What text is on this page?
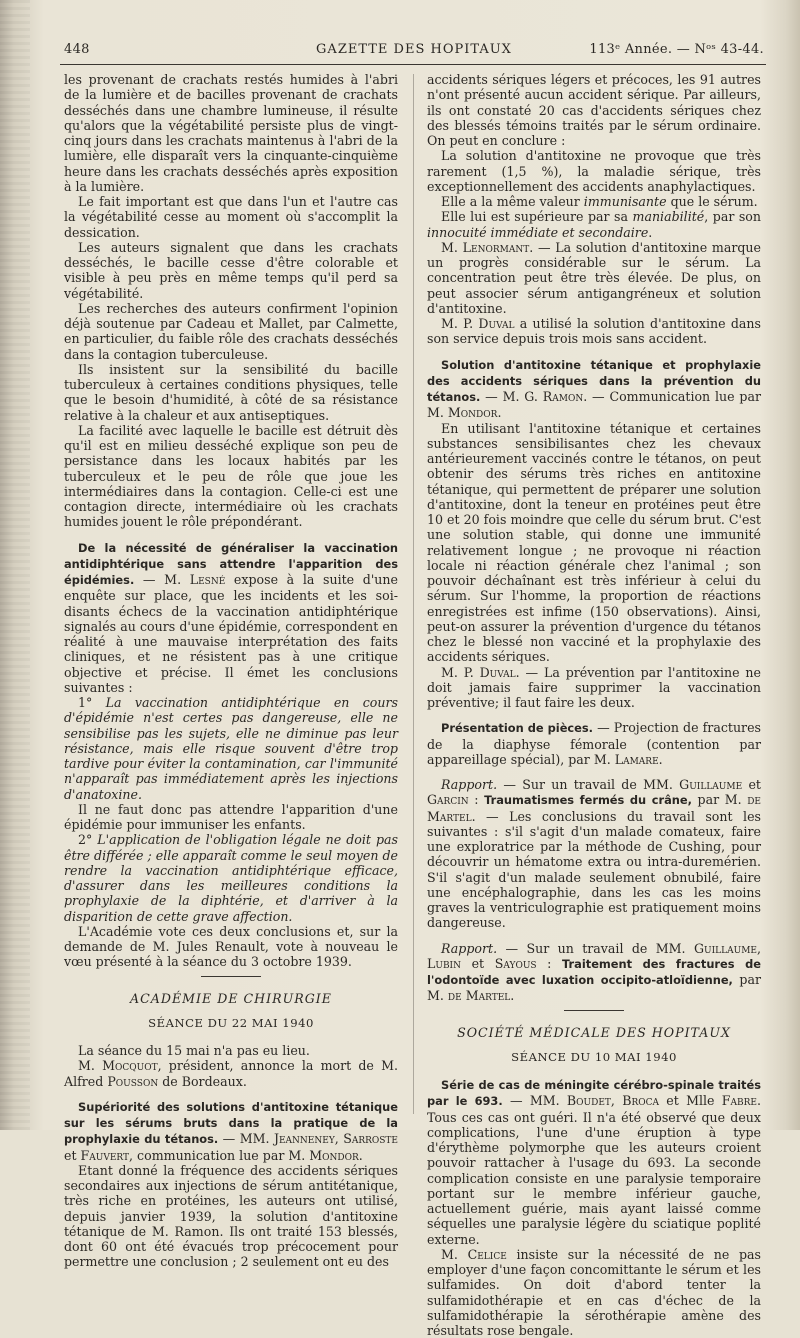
448	GAZETTE DES HOPITAUX	113ᵉ Année. — Nᵒˢ 43-44.

les provenant de crachats restés humides à l'abri de la lumière et de bacilles provenant de crachats desséchés dans une chambre lumineuse, il résulte qu'alors que la végétabilité persiste plus de vingt-cinq jours dans les crachats maintenus à l'abri de la lumière, elle disparaît vers la cinquante-cinquième heure dans les crachats desséchés après exposition à la lumière.

Le fait important est que dans l'un et l'autre cas la végétabilité cesse au moment où s'accomplit la dessication.

Les auteurs signalent que dans les crachats desséchés, le bacille cesse d'être colorable et visible à peu près en même temps qu'il perd sa végétabilité.

Les recherches des auteurs confirment l'opinion déjà soutenue par Cadeau et Mallet, par Calmette, en particulier, du faible rôle des crachats desséchés dans la contagion tuberculeuse.

Ils insistent sur la sensibilité du bacille tuberculeux à certaines conditions physiques, telle que le besoin d'humidité, à côté de sa résistance relative à la chaleur et aux antiseptiques.

La facilité avec laquelle le bacille est détruit dès qu'il est en milieu desséché explique son peu de persistance dans les locaux habités par les tuberculeux et le peu de rôle que joue les intermédiaires dans la contagion. Celle-ci est une contagion directe, intermédiaire où les crachats humides jouent le rôle prépondérant.

De la nécessité de généraliser la vaccination antidiphtérique sans attendre l'apparition des épidémies. — M. Lesné expose à la suite d'une enquête sur place, que les incidents et les soi-disants échecs de la vaccination antidiphtérique signalés au cours d'une épidémie, correspondent en réalité à une mauvaise interprétation des faits cliniques, et ne résistent pas à une critique objective et précise. Il émet les conclusions suivantes :

1° La vaccination antidiphtérique en cours d'épidémie n'est certes pas dangereuse, elle ne sensibilise pas les sujets, elle ne diminue pas leur résistance, mais elle risque souvent d'être trop tardive pour éviter la contamination, car l'immunité n'apparaît pas immédiatement après les injections d'anatoxine.

Il ne faut donc pas attendre l'apparition d'une épidémie pour immuniser les enfants.

2° L'application de l'obligation légale ne doit pas être différée ; elle apparaît comme le seul moyen de rendre la vaccination antidiphtérique efficace, d'assurer dans les meilleures conditions la prophylaxie de la diphtérie, et d'arriver à la disparition de cette grave affection.

L'Académie vote ces deux conclusions et, sur la demande de M. Jules Renault, vote à nouveau le vœu présenté à la séance du 3 octobre 1939.

ACADÉMIE DE CHIRURGIE

SÉANCE DU 22 MAI 1940

La séance du 15 mai n'a pas eu lieu.

M. Mocquot, président, annonce la mort de M. Alfred Pousson de Bordeaux.

Supériorité des solutions d'antitoxine tétanique sur les sérums bruts dans la pratique de la prophylaxie du tétanos. — MM. Jeanneney, Sarroste et Fauvert, communication lue par M. Mondor.

Etant donné la fréquence des accidents sériques secondaires aux injections de sérum antitétanique, très riche en protéines, les auteurs ont utilisé, depuis janvier 1939, la solution d'antitoxine tétanique de M. Ramon. Ils ont traité 153 blessés, dont 60 ont été évacués trop précocement pour permettre une conclusion ; 2 seulement ont eu des

accidents sériques légers et précoces, les 91 autres n'ont présenté aucun accident sérique. Par ailleurs, ils ont constaté 20 cas d'accidents sériques chez des blessés témoins traités par le sérum ordinaire. On peut en conclure :

La solution d'antitoxine ne provoque que très rarement (1,5 %), la maladie sérique, très exceptionnellement des accidents anaphylactiques.

Elle a la même valeur immunisante que le sérum.

Elle lui est supérieure par sa maniabilité, par son innocuité immédiate et secondaire.

M. Lenormant. — La solution d'antitoxine marque un progrès considérable sur le sérum. La concentration peut être très élevée. De plus, on peut associer sérum antigangréneux et solution d'antitoxine.

M. P. Duval a utilisé la solution d'antitoxine dans son service depuis trois mois sans accident.

Solution d'antitoxine tétanique et prophylaxie des accidents sériques dans la prévention du tétanos. — M. G. Ramon. — Communication lue par M. Mondor.

En utilisant l'antitoxine tétanique et certaines substances sensibilisantes chez les chevaux antérieurement vaccinés contre le tétanos, on peut obtenir des sérums très riches en antitoxine tétanique, qui permettent de préparer une solution d'antitoxine, dont la teneur en protéines peut être 10 et 20 fois moindre que celle du sérum brut. C'est une solution stable, qui donne une immunité relativement longue ; ne provoque ni réaction locale ni réaction générale chez l'animal ; son pouvoir déchaînant est très inférieur à celui du sérum. Sur l'homme, la proportion de réactions enregistrées est infime (150 observations). Ainsi, peut-on assurer la prévention d'urgence du tétanos chez le blessé non vacciné et la prophylaxie des accidents sériques.

M. P. Duval. — La prévention par l'antitoxine ne doit jamais faire supprimer la vaccination préventive; il faut faire les deux.

Présentation de pièces. — Projection de fractures de la diaphyse fémorale (contention par appareillage spécial), par M. Lamare.

Rapport. — Sur un travail de MM. Guillaume et Garcin : Traumatismes fermés du crâne, par M. de Martel. — Les conclusions du travail sont les suivantes : s'il s'agit d'un malade comateux, faire une exploratrice par la méthode de Cushing, pour découvrir un hématome extra ou intra-duremérien. S'il s'agit d'un malade seulement obnubilé, faire une encéphalographie, dans les cas les moins graves la ventriculographie est pratiquement moins dangereuse.

Rapport. — Sur un travail de MM. Guillaume, Lubin et Sayous : Traitement des fractures de l'odontoïde avec luxation occipito-atloïdienne, par M. de Martel.

SOCIÉTÉ MÉDICALE DES HOPITAUX

SÉANCE DU 10 MAI 1940

Série de cas de méningite cérébro-spinale traités par le 693. — MM. Boudet, Broca et Mlle Fabre. Tous ces cas ont guéri. Il n'a été observé que deux complications, l'une d'une éruption à type d'érythème polymorphe que les auteurs croient pouvoir rattacher à l'usage du 693. La seconde complication consiste en une paralysie temporaire portant sur le membre inférieur gauche, actuellement guérie, mais ayant laissé comme séquelles une paralysie légère du sciatique poplité externe.

M. Celice insiste sur la nécessité de ne pas employer d'une façon concomittante le sérum et les sulfamides. On doit d'abord tenter la sulfamidothérapie et en cas d'échec de la sulfamidothérapie la sérothérapie amène des résultats rose bengale.
